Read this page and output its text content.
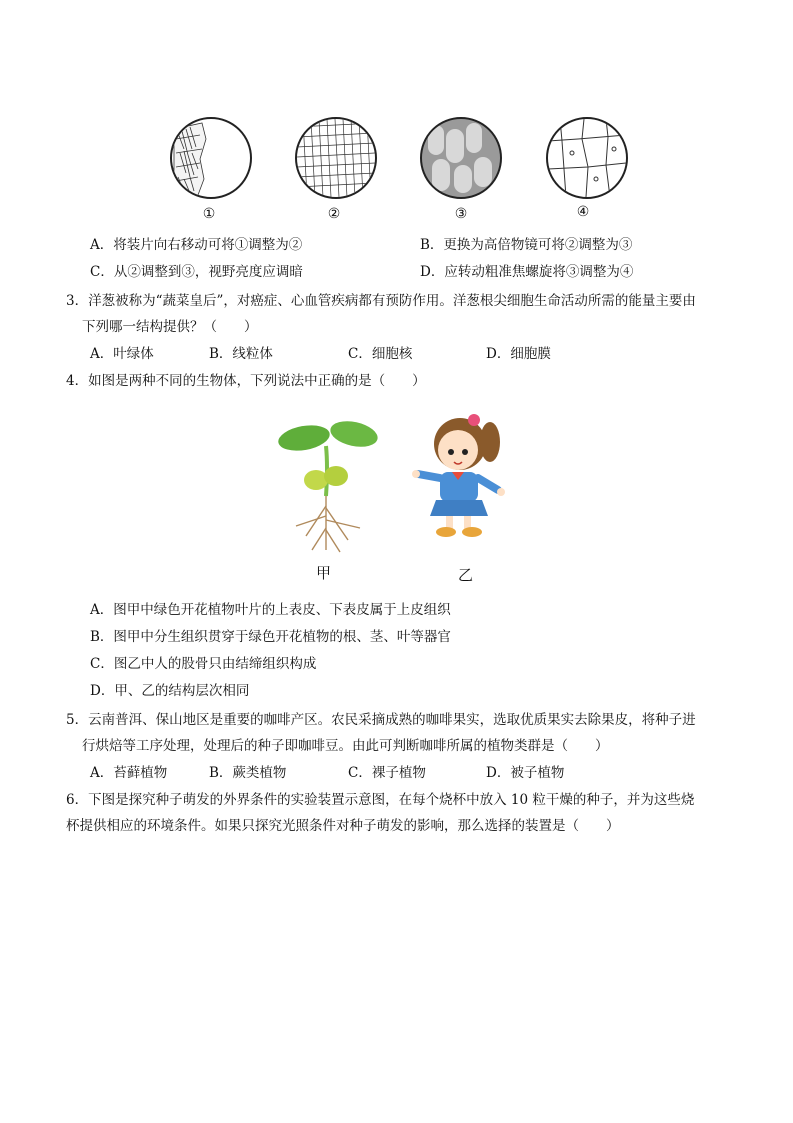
①	②	③	④
A．将装片向右移动可将①调整为②	B．更换为高倍物镜可将②调整为③
C．从②调整到③，视野亮度应调暗	D．应转动粗准焦螺旋将③调整为④
3．洋葱被称为“蔬菜皇后”，对癌症、心血管疾病都有预防作用。洋葱根尖细胞生命活动所需的能量主要由
下列哪一结构提供？（　　）
A．叶绿体	B．线粒体	C．细胞核	D．细胞膜
4．如图是两种不同的生物体，下列说法中正确的是（　　）
甲	乙
A．图甲中绿色开花植物叶片的上表皮、下表皮属于上皮组织
B．图甲中分生组织贯穿于绿色开花植物的根、茎、叶等器官
C．图乙中人的股骨只由结缔组织构成
D．甲、乙的结构层次相同
5．云南普洱、保山地区是重要的咖啡产区。农民采摘成熟的咖啡果实，选取优质果实去除果皮，将种子进
行烘焙等工序处理，处理后的种子即咖啡豆。由此可判断咖啡所属的植物类群是（　　）
A．苔藓植物	B．蕨类植物	C．裸子植物	D．被子植物
6．下图是探究种子萌发的外界条件的实验装置示意图，在每个烧杯中放入 10 粒干燥的种子，并为这些烧
杯提供相应的环境条件。如果只探究光照条件对种子萌发的影响，那么选择的装置是（　　）
